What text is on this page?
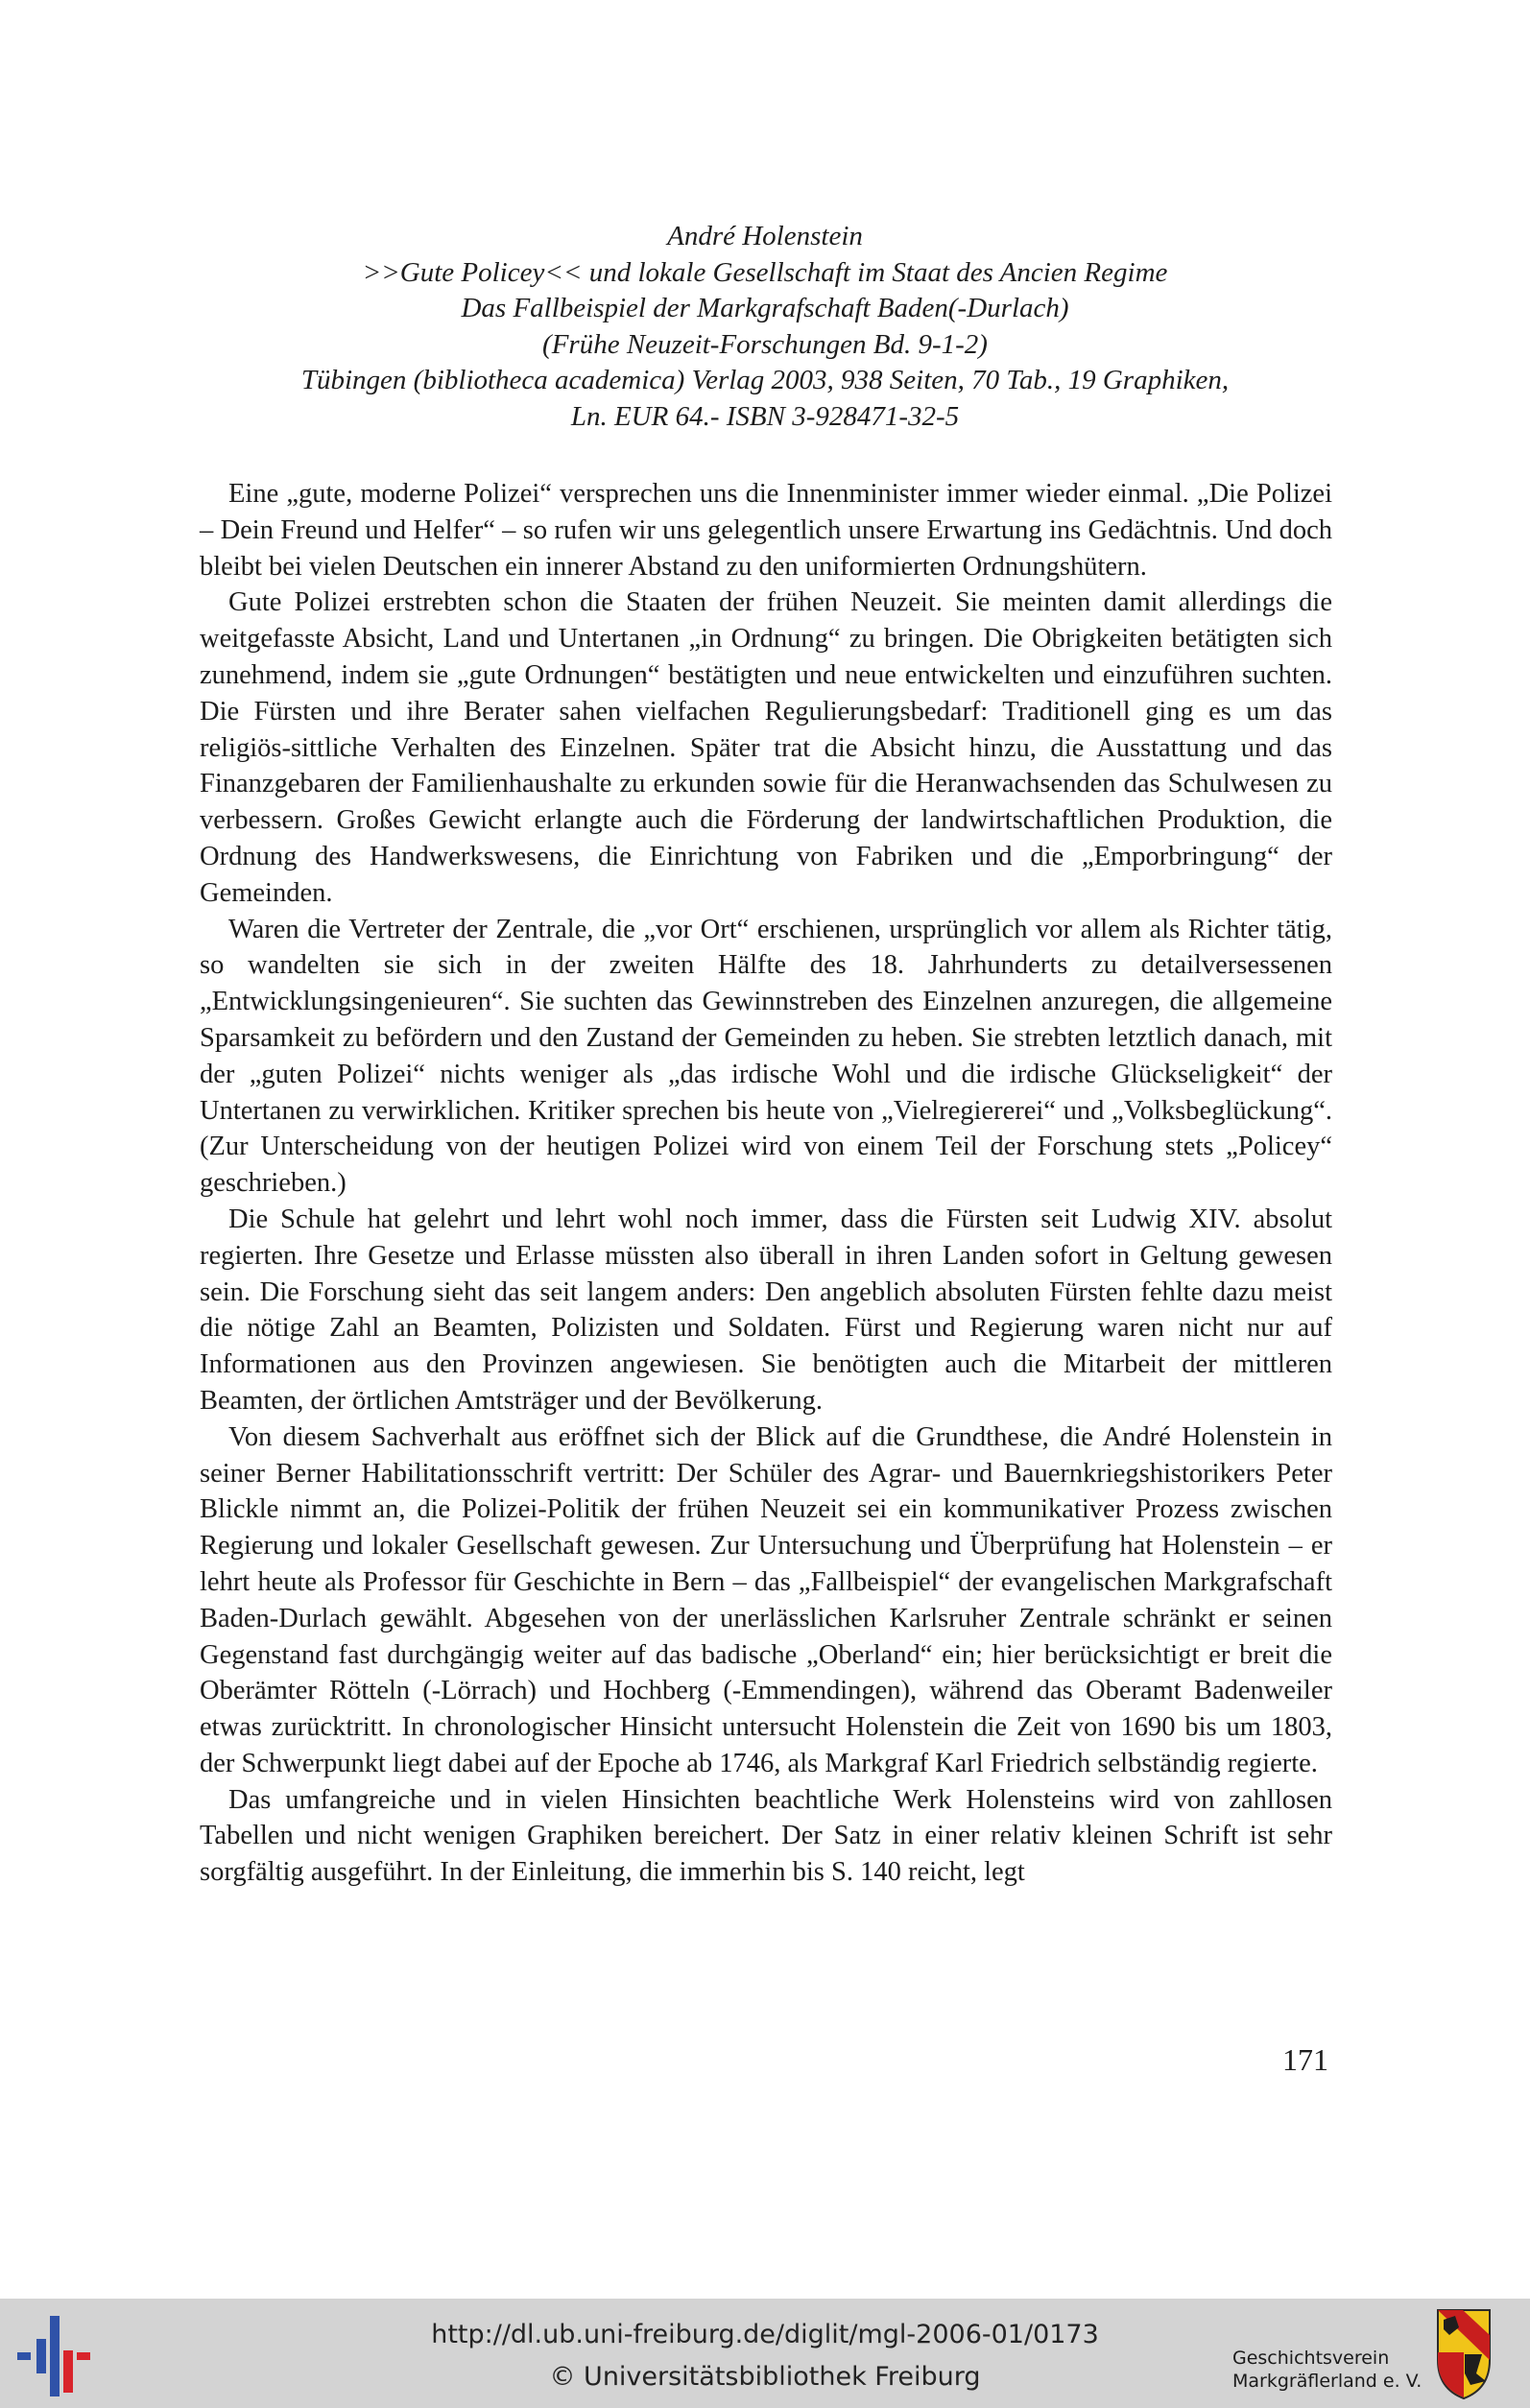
André Holenstein
>>Gute Policey<< und lokale Gesellschaft im Staat des Ancien Regime
Das Fallbeispiel der Markgrafschaft Baden(-Durlach)
(Frühe Neuzeit-Forschungen Bd. 9-1-2)
Tübingen (bibliotheca academica) Verlag 2003, 938 Seiten, 70 Tab., 19 Graphiken,
Ln. EUR 64.- ISBN 3-928471-32-5

Eine „gute, moderne Polizei“ versprechen uns die Innenminister immer wieder einmal. „Die Polizei – Dein Freund und Helfer“ – so rufen wir uns gelegentlich unsere Erwartung ins Gedächtnis. Und doch bleibt bei vielen Deutschen ein innerer Abstand zu den uniformierten Ordnungshütern.

Gute Polizei erstrebten schon die Staaten der frühen Neuzeit. Sie meinten damit allerdings die weitgefasste Absicht, Land und Untertanen „in Ordnung“ zu bringen. Die Obrigkeiten betätigten sich zunehmend, indem sie „gute Ordnungen“ bestätigten und neue entwickelten und einzuführen suchten. Die Fürsten und ihre Berater sahen vielfachen Regulierungsbedarf: Traditionell ging es um das religiös-sittliche Verhalten des Einzelnen. Später trat die Absicht hinzu, die Ausstattung und das Finanzgebaren der Familienhaushalte zu erkunden sowie für die Heranwachsenden das Schulwesen zu verbessern. Großes Gewicht erlangte auch die Förderung der landwirtschaftlichen Produktion, die Ordnung des Handwerkswesens, die Einrichtung von Fabriken und die „Emporbringung“ der Gemeinden.

Waren die Vertreter der Zentrale, die „vor Ort“ erschienen, ursprünglich vor allem als Richter tätig, so wandelten sie sich in der zweiten Hälfte des 18. Jahrhunderts zu detailversessenen „Entwicklungsingenieuren“. Sie suchten das Gewinnstreben des Einzelnen anzuregen, die allgemeine Sparsamkeit zu befördern und den Zustand der Gemeinden zu heben. Sie strebten letztlich danach, mit der „guten Polizei“ nichts weniger als „das irdische Wohl und die irdische Glückseligkeit“ der Untertanen zu verwirklichen. Kritiker sprechen bis heute von „Vielregiererei“ und „Volksbeglückung“. (Zur Unterscheidung von der heutigen Polizei wird von einem Teil der Forschung stets „Policey“ geschrieben.)

Die Schule hat gelehrt und lehrt wohl noch immer, dass die Fürsten seit Ludwig XIV. absolut regierten. Ihre Gesetze und Erlasse müssten also überall in ihren Landen sofort in Geltung gewesen sein. Die Forschung sieht das seit langem anders: Den angeblich absoluten Fürsten fehlte dazu meist die nötige Zahl an Beamten, Polizisten und Soldaten. Fürst und Regierung waren nicht nur auf Informationen aus den Provinzen angewiesen. Sie benötigten auch die Mitarbeit der mittleren Beamten, der örtlichen Amtsträger und der Bevölkerung.

Von diesem Sachverhalt aus eröffnet sich der Blick auf die Grundthese, die André Holenstein in seiner Berner Habilitationsschrift vertritt: Der Schüler des Agrar- und Bauernkriegshistorikers Peter Blickle nimmt an, die Polizei-Politik der frühen Neuzeit sei ein kommunikativer Prozess zwischen Regierung und lokaler Gesellschaft gewesen. Zur Untersuchung und Überprüfung hat Holenstein – er lehrt heute als Professor für Geschichte in Bern – das „Fallbeispiel“ der evangelischen Markgrafschaft Baden-Durlach gewählt. Abgesehen von der unerlässlichen Karlsruher Zentrale schränkt er seinen Gegenstand fast durchgängig weiter auf das badische „Oberland“ ein; hier berücksichtigt er breit die Oberämter Rötteln (-Lörrach) und Hochberg (-Emmendingen), während das Oberamt Badenweiler etwas zurücktritt. In chronologischer Hinsicht untersucht Holenstein die Zeit von 1690 bis um 1803, der Schwerpunkt liegt dabei auf der Epoche ab 1746, als Markgraf Karl Friedrich selbständig regierte.

Das umfangreiche und in vielen Hinsichten beachtliche Werk Holensteins wird von zahllosen Tabellen und nicht wenigen Graphiken bereichert. Der Satz in einer relativ kleinen Schrift ist sehr sorgfältig ausgeführt. In der Einleitung, die immerhin bis S. 140 reicht, legt

171
http://dl.ub.uni-freiburg.de/diglit/mgl-2006-01/0173
© Universitätsbibliothek Freiburg
Geschichtsverein
Markgräflerland e. V.
